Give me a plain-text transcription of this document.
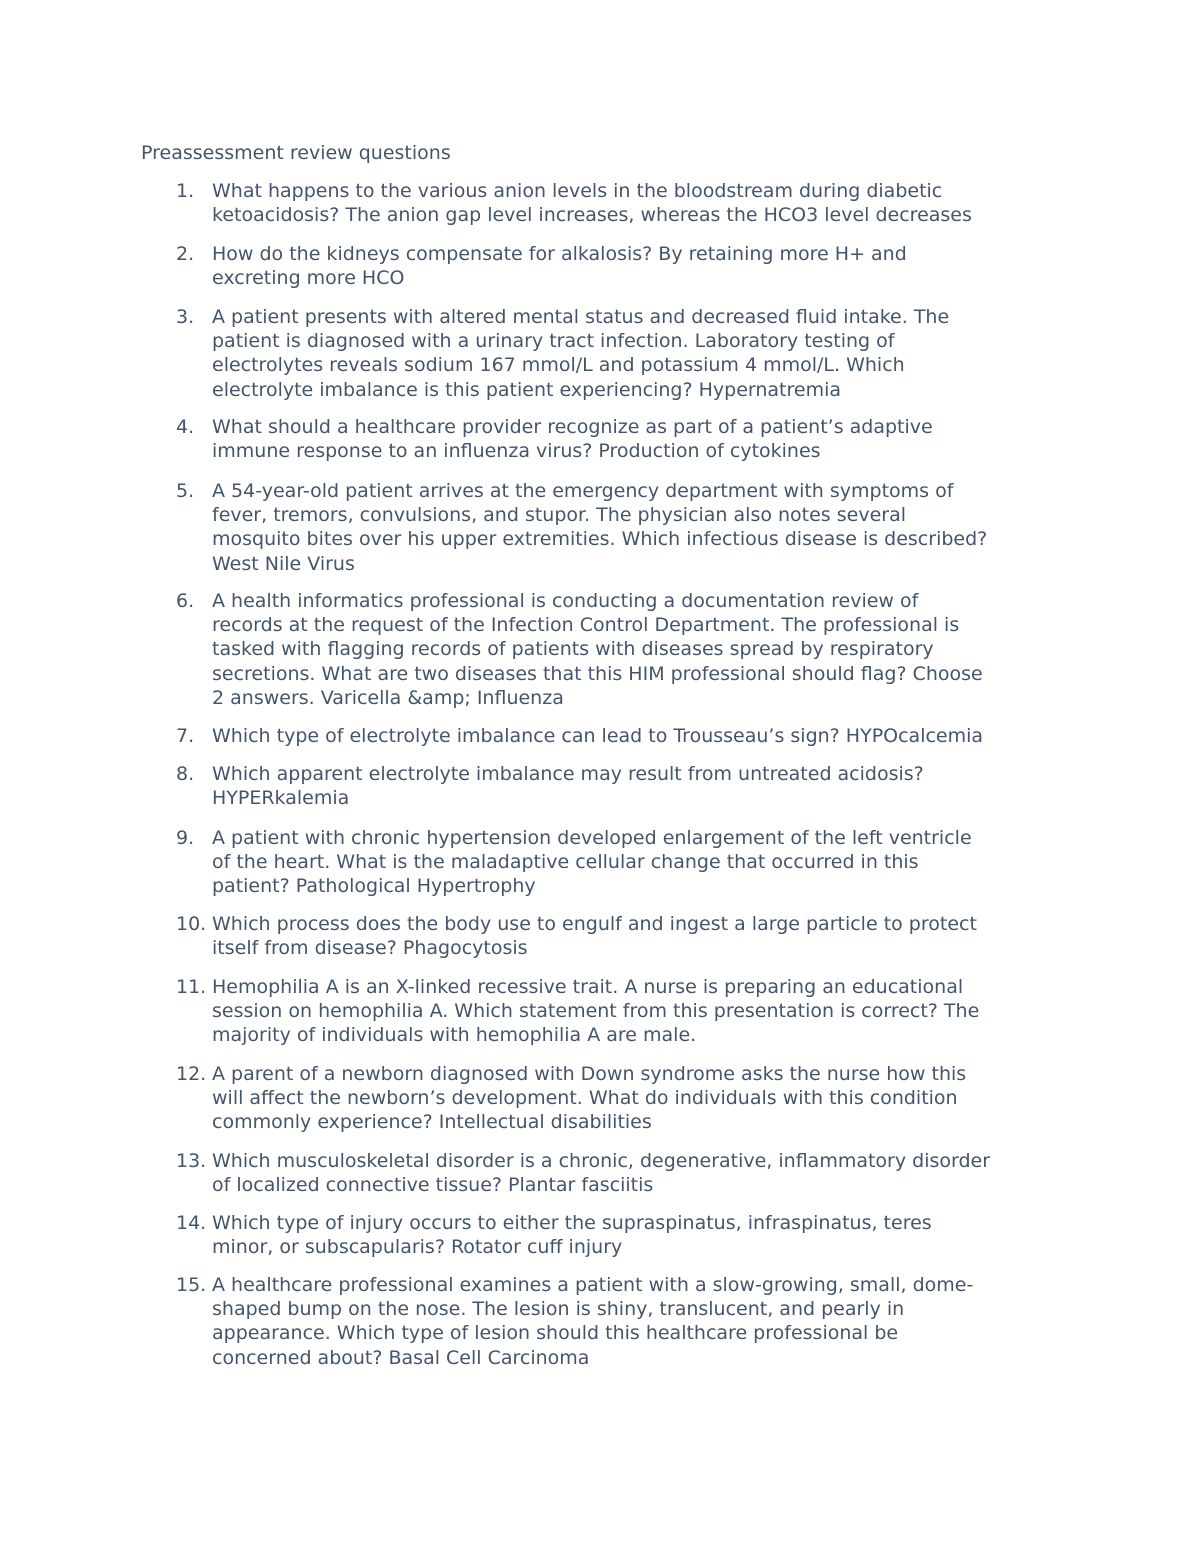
Preassessment review questions
1. What happens to the various anion levels in the bloodstream during diabetic
ketoacidosis? The anion gap level increases, whereas the HCO3 level decreases
2. How do the kidneys compensate for alkalosis? By retaining more H+ and
excreting more HCO
3. A patient presents with altered mental status and decreased fluid intake. The
patient is diagnosed with a urinary tract infection. Laboratory testing of
electrolytes reveals sodium 167 mmol/L and potassium 4 mmol/L. Which
electrolyte imbalance is this patient experiencing? Hypernatremia
4. What should a healthcare provider recognize as part of a patient’s adaptive
immune response to an influenza virus? Production of cytokines
5. A 54-year-old patient arrives at the emergency department with symptoms of
fever, tremors, convulsions, and stupor. The physician also notes several
mosquito bites over his upper extremities. Which infectious disease is described?
West Nile Virus
6. A health informatics professional is conducting a documentation review of
records at the request of the Infection Control Department. The professional is
tasked with flagging records of patients with diseases spread by respiratory
secretions. What are two diseases that this HIM professional should flag? Choose
2 answers. Varicella &amp; Influenza
7. Which type of electrolyte imbalance can lead to Trousseau’s sign? HYPOcalcemia
8. Which apparent electrolyte imbalance may result from untreated acidosis?
HYPERkalemia
9. A patient with chronic hypertension developed enlargement of the left ventricle
of the heart. What is the maladaptive cellular change that occurred in this
patient? Pathological Hypertrophy
10. Which process does the body use to engulf and ingest a large particle to protect
itself from disease? Phagocytosis
11. Hemophilia A is an X-linked recessive trait. A nurse is preparing an educational
session on hemophilia A. Which statement from this presentation is correct? The
majority of individuals with hemophilia A are male.
12. A parent of a newborn diagnosed with Down syndrome asks the nurse how this
will affect the newborn’s development. What do individuals with this condition
commonly experience? Intellectual disabilities
13. Which musculoskeletal disorder is a chronic, degenerative, inflammatory disorder
of localized connective tissue? Plantar fasciitis
14. Which type of injury occurs to either the supraspinatus, infraspinatus, teres
minor, or subscapularis? Rotator cuff injury
15. A healthcare professional examines a patient with a slow-growing, small, dome-
shaped bump on the nose. The lesion is shiny, translucent, and pearly in
appearance. Which type of lesion should this healthcare professional be
concerned about? Basal Cell Carcinoma
